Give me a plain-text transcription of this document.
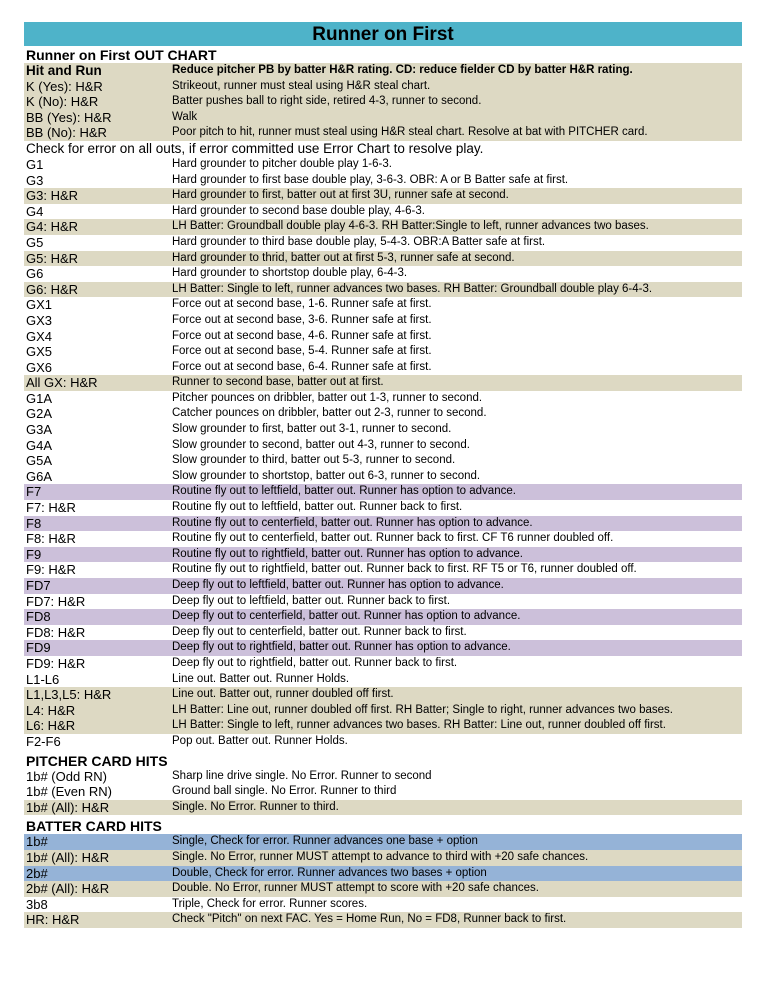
Runner on First
Runner on First OUT CHART
Hit and Run	Reduce pitcher PB by batter H&R rating. CD: reduce fielder CD by batter H&R rating.
K (Yes): H&R	Strikeout, runner must steal using H&R steal chart.
K (No): H&R	Batter pushes ball to right side, retired 4-3, runner to second.
BB (Yes): H&R	Walk
BB (No): H&R	Poor pitch to hit, runner must steal using H&R steal chart. Resolve at bat with PITCHER card.
Check for error on all outs, if error committed use Error Chart to resolve play.
G1	Hard grounder to pitcher double play 1-6-3.
G3	Hard grounder to first base double play, 3-6-3. OBR: A or B Batter safe at first.
G3: H&R	Hard grounder to first, batter out at first 3U, runner safe at second.
G4	Hard grounder to second base double play, 4-6-3.
G4: H&R	LH Batter: Groundball double play 4-6-3. RH Batter:Single to left, runner advances two bases.
G5	Hard grounder to third base double play, 5-4-3. OBR:A Batter safe at first.
G5: H&R	Hard grounder to thrid, batter out at first 5-3, runner safe at second.
G6	Hard grounder to shortstop double play, 6-4-3.
G6: H&R	LH Batter: Single to left, runner advances two bases. RH Batter: Groundball double play 6-4-3.
GX1	Force out at second base, 1-6. Runner safe at first.
GX3	Force out at second base, 3-6. Runner safe at first.
GX4	Force out at second base, 4-6. Runner safe at first.
GX5	Force out at second base, 5-4. Runner safe at first.
GX6	Force out at second base, 6-4. Runner safe at first.
All GX: H&R	Runner to second base, batter out at first.
G1A	Pitcher pounces on dribbler, batter out 1-3, runner to second.
G2A	Catcher pounces on dribbler, batter out 2-3, runner to second.
G3A	Slow grounder to first, batter out 3-1, runner to second.
G4A	Slow grounder to second, batter out 4-3, runner to second.
G5A	Slow grounder to third, batter out 5-3, runner to second.
G6A	Slow grounder to shortstop, batter out 6-3, runner to second.
F7	Routine fly out to leftfield, batter out. Runner has option to advance.
F7: H&R	Routine fly out to leftfield, batter out. Runner back to first.
F8	Routine fly out to centerfield, batter out. Runner has option to advance.
F8: H&R	Routine fly out to centerfield, batter out. Runner back to first. CF T6 runner doubled off.
F9	Routine fly out to rightfield, batter out. Runner has option to advance.
F9: H&R	Routine fly out to rightfield, batter out. Runner back to first. RF T5 or T6, runner doubled off.
FD7	Deep fly out to leftfield, batter out. Runner has option to advance.
FD7: H&R	Deep fly out to leftfield, batter out. Runner back to first.
FD8	Deep fly out to centerfield, batter out. Runner has option to advance.
FD8: H&R	Deep fly out to centerfield, batter out. Runner back to first.
FD9	Deep fly out to rightfield, batter out. Runner has option to advance.
FD9: H&R	Deep fly out to rightfield, batter out. Runner back to first.
L1-L6	Line out. Batter out. Runner Holds.
L1,L3,L5: H&R	Line out. Batter out, runner doubled off first.
L4: H&R	LH Batter: Line out, runner doubled off first. RH Batter; Single to right, runner advances two bases.
L6: H&R	LH Batter: Single to left, runner advances two bases. RH Batter: Line out, runner doubled off first.
F2-F6	Pop out. Batter out. Runner Holds.
PITCHER CARD HITS
1b# (Odd RN)	Sharp line drive single. No Error. Runner to second
1b# (Even RN)	Ground ball single. No Error. Runner to third
1b# (All): H&R	Single. No Error. Runner to third.
BATTER CARD HITS
1b#	Single, Check for error. Runner advances one base + option
1b# (All): H&R	Single. No Error, runner MUST attempt to advance to third with +20 safe chances.
2b#	Double, Check for error. Runner advances two bases + option
2b# (All): H&R	Double. No Error, runner MUST attempt to score with +20 safe chances.
3b8	Triple, Check for error. Runner scores.
HR: H&R	Check "Pitch" on next FAC. Yes = Home Run, No = FD8, Runner back to first.
